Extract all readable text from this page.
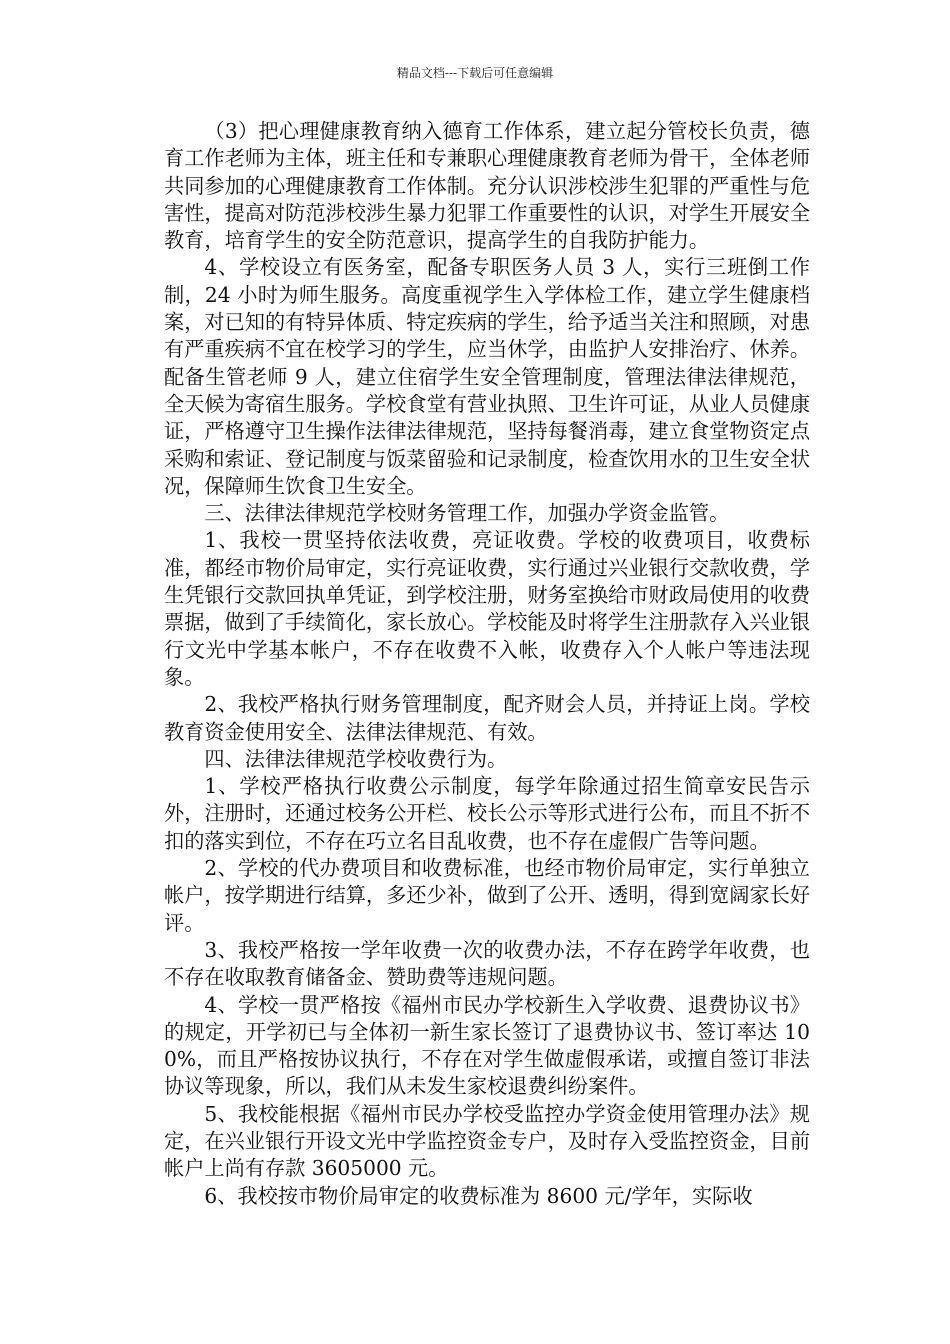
精品文档---下载后可任意编辑

（3）把心理健康教育纳入德育工作体系，建立起分管校长负责，德育工作老师为主体，班主任和专兼职心理健康教育老师为骨干，全体老师共同参加的心理健康教育工作体制。充分认识涉校涉生犯罪的严重性与危害性，提高对防范涉校涉生暴力犯罪工作重要性的认识，对学生开展安全教育，培育学生的安全防范意识，提高学生的自我防护能力。

4、学校设立有医务室，配备专职医务人员 3 人，实行三班倒工作制，24 小时为师生服务。高度重视学生入学体检工作，建立学生健康档案，对已知的有特异体质、特定疾病的学生，给予适当关注和照顾，对患有严重疾病不宜在校学习的学生，应当休学，由监护人安排治疗、休养。配备生管老师 9 人，建立住宿学生安全管理制度，管理法律法律规范，全天候为寄宿生服务。学校食堂有营业执照、卫生许可证，从业人员健康证，严格遵守卫生操作法律法律规范，坚持每餐消毒，建立食堂物资定点采购和索证、登记制度与饭菜留验和记录制度，检查饮用水的卫生安全状况，保障师生饮食卫生安全。

三、法律法律规范学校财务管理工作，加强办学资金监管。

1、我校一贯坚持依法收费，亮证收费。学校的收费项目，收费标准，都经市物价局审定，实行亮证收费，实行通过兴业银行交款收费，学生凭银行交款回执单凭证，到学校注册，财务室换给市财政局使用的收费票据，做到了手续简化，家长放心。学校能及时将学生注册款存入兴业银行文光中学基本帐户，不存在收费不入帐，收费存入个人帐户等违法现象。

2、我校严格执行财务管理制度，配齐财会人员，并持证上岗。学校教育资金使用安全、法律法律规范、有效。

四、法律法律规范学校收费行为。

1、学校严格执行收费公示制度，每学年除通过招生简章安民告示外，注册时，还通过校务公开栏、校长公示等形式进行公布，而且不折不扣的落实到位，不存在巧立名目乱收费，也不存在虚假广告等问题。

2、学校的代办费项目和收费标准，也经市物价局审定，实行单独立帐户，按学期进行结算，多还少补，做到了公开、透明，得到宽阔家长好评。

3、我校严格按一学年收费一次的收费办法，不存在跨学年收费，也不存在收取教育储备金、赞助费等违规问题。

4、学校一贯严格按《福州市民办学校新生入学收费、退费协议书》的规定，开学初已与全体初一新生家长签订了退费协议书、签订率达 100%，而且严格按协议执行，不存在对学生做虚假承诺，或擅自签订非法协议等现象，所以，我们从未发生家校退费纠纷案件。

5、我校能根据《福州市民办学校受监控办学资金使用管理办法》规定，在兴业银行开设文光中学监控资金专户，及时存入受监控资金，目前帐户上尚有存款 3605000 元。

6、我校按市物价局审定的收费标准为 8600 元/学年，实际收
